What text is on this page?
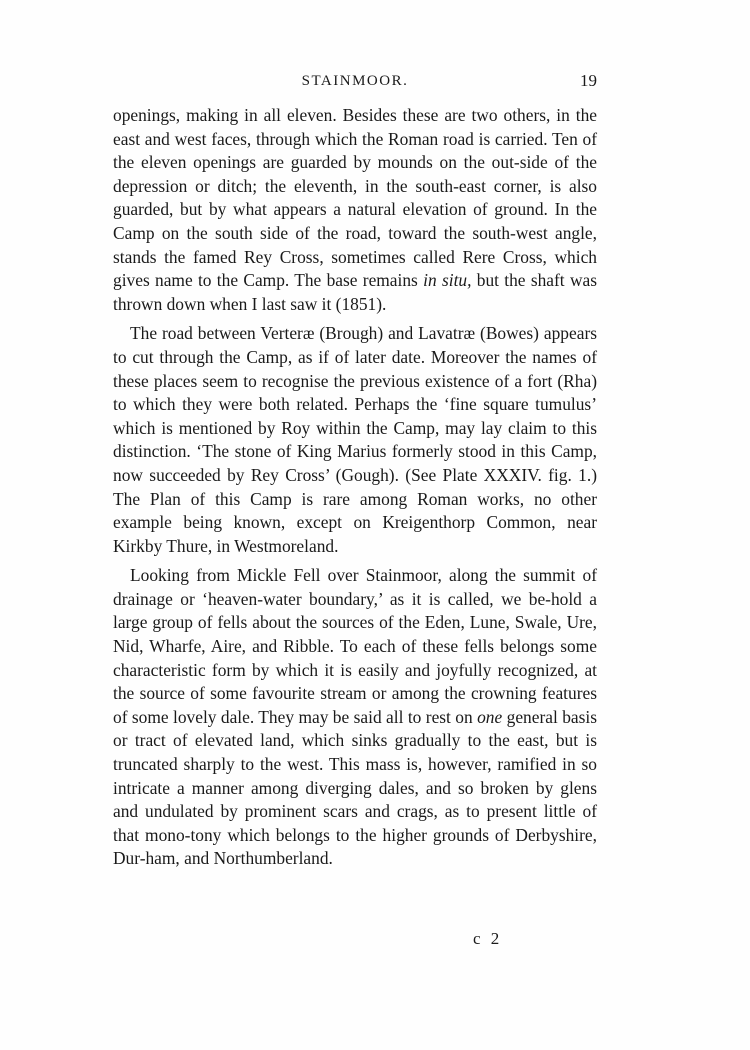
STAINMOOR.	19

openings, making in all eleven. Besides these are two others, in the east and west faces, through which the Roman road is carried. Ten of the eleven openings are guarded by mounds on the out-side of the depression or ditch; the eleventh, in the south-east corner, is also guarded, but by what appears a natural elevation of ground. In the Camp on the south side of the road, toward the south-west angle, stands the famed Rey Cross, sometimes called Rere Cross, which gives name to the Camp. The base remains in situ, but the shaft was thrown down when I last saw it (1851).

The road between Verteræ (Brough) and Lavatræ (Bowes) appears to cut through the Camp, as if of later date. Moreover the names of these places seem to recognise the previous existence of a fort (Rha) to which they were both related. Perhaps the ‘fine square tumulus’ which is mentioned by Roy within the Camp, may lay claim to this distinction. ‘The stone of King Marius formerly stood in this Camp, now succeeded by Rey Cross’ (Gough). (See Plate XXXIV. fig. 1.) The Plan of this Camp is rare among Roman works, no other example being known, except on Kreigenthorp Common, near Kirkby Thure, in Westmoreland.

Looking from Mickle Fell over Stainmoor, along the summit of drainage or ‘heaven-water boundary,’ as it is called, we be-hold a large group of fells about the sources of the Eden, Lune, Swale, Ure, Nid, Wharfe, Aire, and Ribble. To each of these fells belongs some characteristic form by which it is easily and joyfully recognized, at the source of some favourite stream or among the crowning features of some lovely dale. They may be said all to rest on one general basis or tract of elevated land, which sinks gradually to the east, but is truncated sharply to the west. This mass is, however, ramified in so intricate a manner among diverging dales, and so broken by glens and undulated by prominent scars and crags, as to present little of that mono-tony which belongs to the higher grounds of Derbyshire, Dur-ham, and Northumberland.

c 2
